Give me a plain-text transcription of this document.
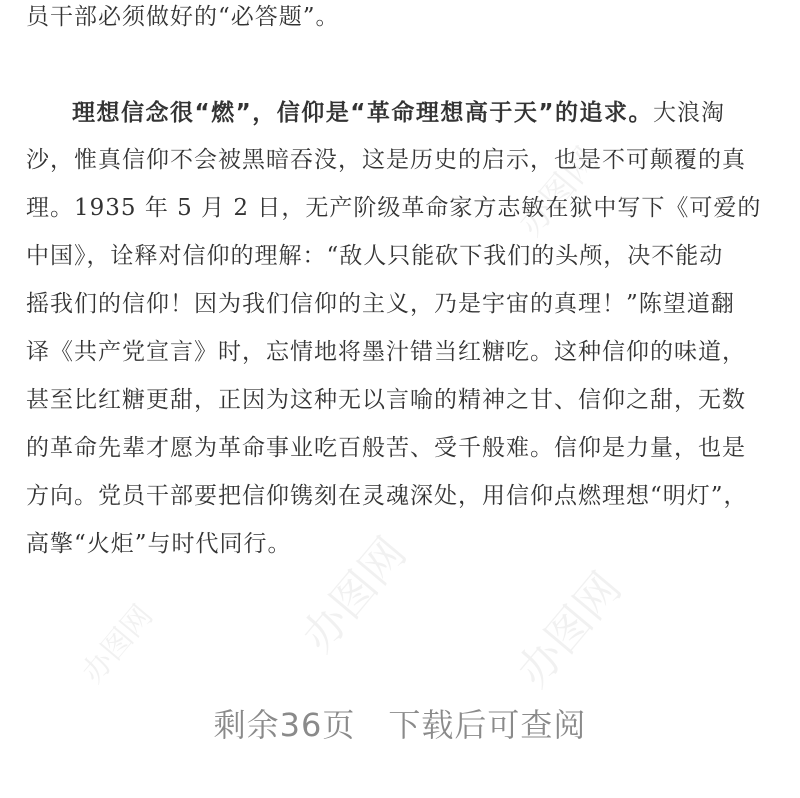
员干部必须做好的“必答题”。
理想信念很“燃”，信仰是“革命理想高于天”的追求。大浪淘
沙，惟真信仰不会被黑暗吞没，这是历史的启示，也是不可颠覆的真
理。1935 年 5 月 2 日，无产阶级革命家方志敏在狱中写下《可爱的
中国》，诠释对信仰的理解：“敌人只能砍下我们的头颅，决不能动
摇我们的信仰！因为我们信仰的主义，乃是宇宙的真理！”陈望道翻
译《共产党宣言》时，忘情地将墨汁错当红糖吃。这种信仰的味道，
甚至比红糖更甜，正因为这种无以言喻的精神之甘、信仰之甜，无数
的革命先辈才愿为革命事业吃百般苦、受千般难。信仰是力量，也是
方向。党员干部要把信仰镌刻在灵魂深处，用信仰点燃理想“明灯”，
高擎“火炬”与时代同行。
办图网
办图网 办图网
办图网
剩余36页　下载后可查阅
